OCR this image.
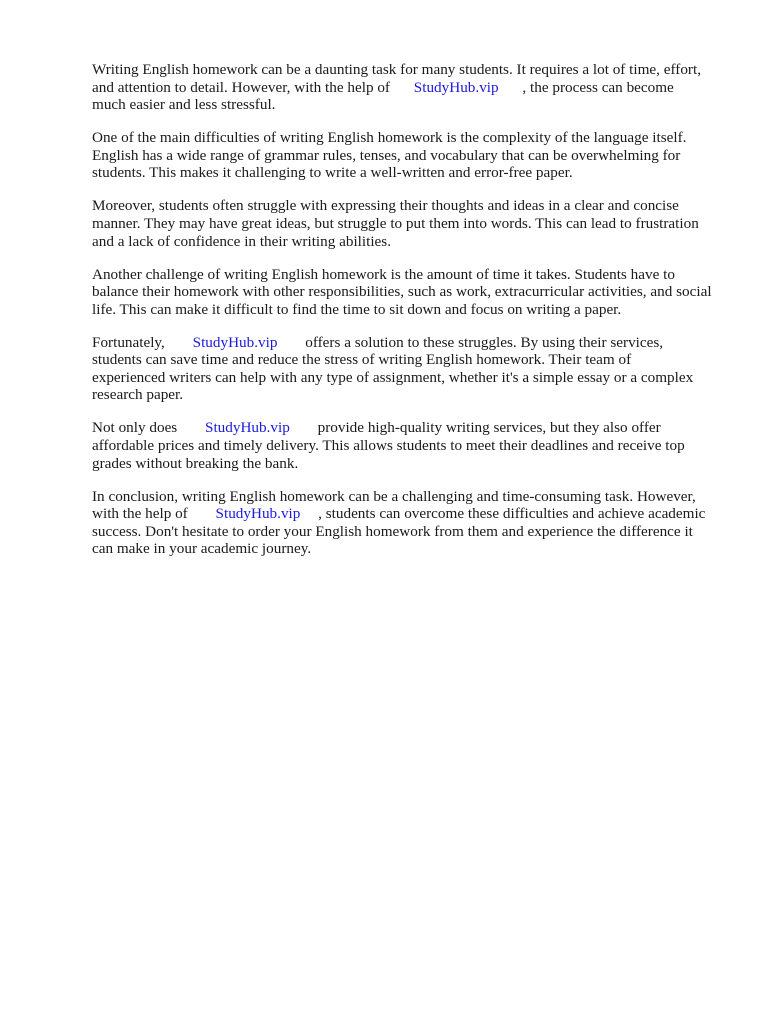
Writing English homework can be a daunting task for many students. It requires a lot of time, effort,
and attention to detail. However, with the help of StudyHub.vip , the process can become
much easier and less stressful.

One of the main difficulties of writing English homework is the complexity of the language itself.
English has a wide range of grammar rules, tenses, and vocabulary that can be overwhelming for
students. This makes it challenging to write a well-written and error-free paper.

Moreover, students often struggle with expressing their thoughts and ideas in a clear and concise
manner. They may have great ideas, but struggle to put them into words. This can lead to frustration
and a lack of confidence in their writing abilities.

Another challenge of writing English homework is the amount of time it takes. Students have to
balance their homework with other responsibilities, such as work, extracurricular activities, and social
life. This can make it difficult to find the time to sit down and focus on writing a paper.

Fortunately, StudyHub.vip offers a solution to these struggles. By using their services,
students can save time and reduce the stress of writing English homework. Their team of
experienced writers can help with any type of assignment, whether it's a simple essay or a complex
research paper.

Not only does StudyHub.vip provide high-quality writing services, but they also offer
affordable prices and timely delivery. This allows students to meet their deadlines and receive top
grades without breaking the bank.

In conclusion, writing English homework can be a challenging and time-consuming task. However,
with the help of StudyHub.vip , students can overcome these difficulties and achieve academic
success. Don't hesitate to order your English homework from them and experience the difference it
can make in your academic journey.
